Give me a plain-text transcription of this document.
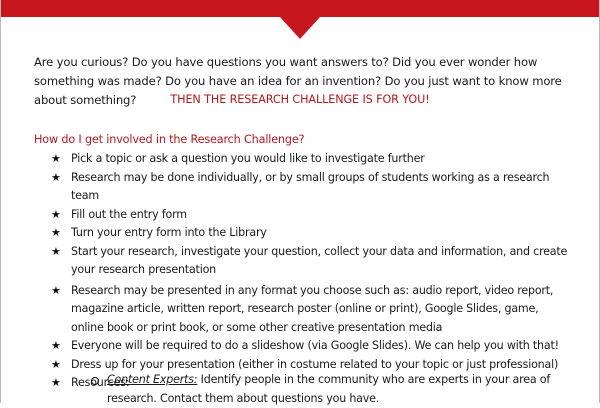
Are you curious? Do you have questions you want answers to? Did you ever wonder how something was made? Do you have an idea for an invention? Do you just want to know more about something?	THEN THE RESEARCH CHALLENGE IS FOR YOU!
How do I get involved in the Research Challenge?
★ Pick a topic or ask a question you would like to investigate further
★ Research may be done individually, or by small groups of students working as a research team
★ Fill out the entry form
★ Turn your entry form into the Library
★ Start your research, investigate your question, collect your data and information, and create your research presentation
★ Research may be presented in any format you choose such as: audio report, video report, magazine article, written report, research poster (online or print), Google Slides, game, online book or print book, or some other creative presentation media
★ Everyone will be required to do a slideshow (via Google Slides). We can help you with that!
★ Dress up for your presentation (either in costume related to your topic or just professional)
★ Resources:
Content Experts: Identify people in the community who are experts in your area of research. Contact them about questions you have.
